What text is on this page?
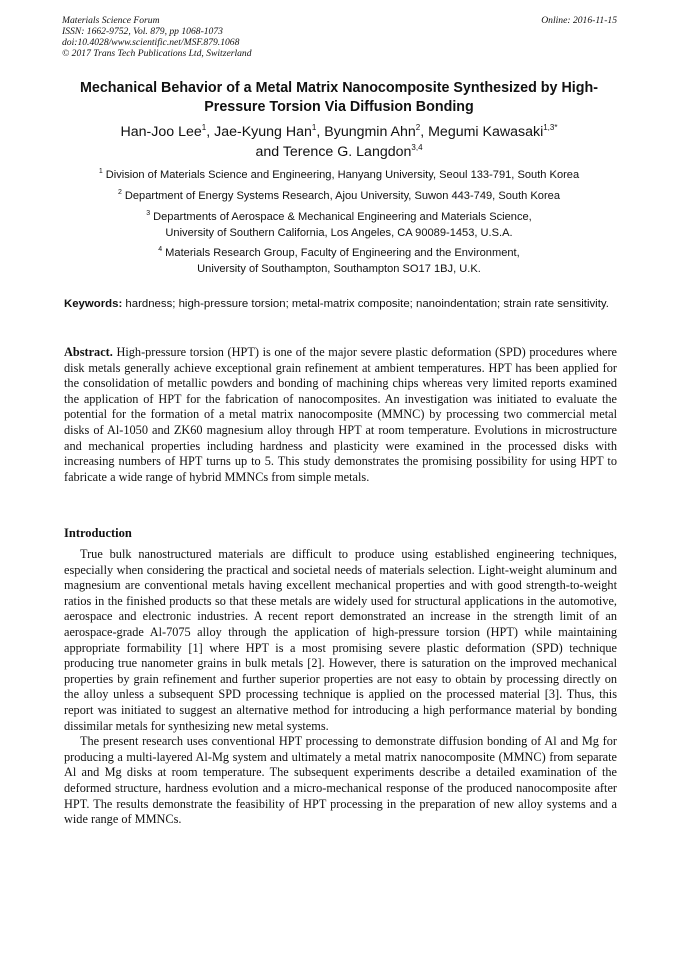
Materials Science Forum
ISSN: 1662-9752, Vol. 879, pp 1068-1073
doi:10.4028/www.scientific.net/MSF.879.1068
© 2017 Trans Tech Publications Ltd, Switzerland
Online: 2016-11-15
Mechanical Behavior of a Metal Matrix Nanocomposite Synthesized by High-Pressure Torsion Via Diffusion Bonding
Han-Joo Lee$^1$, Jae-Kyung Han$^1$, Byungmin Ahn$^2$, Megumi Kawasaki$^{1,3*}$
and Terence G. Langdon$^{3,4}$
$^1$ Division of Materials Science and Engineering, Hanyang University, Seoul 133-791, South Korea
$^2$ Department of Energy Systems Research, Ajou University, Suwon 443-749, South Korea
$^3$ Departments of Aerospace & Mechanical Engineering and Materials Science,
University of Southern California, Los Angeles, CA 90089-1453, U.S.A.
$^4$ Materials Research Group, Faculty of Engineering and the Environment,
University of Southampton, Southampton SO17 1BJ, U.K.
Keywords: hardness; high-pressure torsion; metal-matrix composite; nanoindentation; strain rate sensitivity.
Abstract. High-pressure torsion (HPT) is one of the major severe plastic deformation (SPD) procedures where disk metals generally achieve exceptional grain refinement at ambient temperatures. HPT has been applied for the consolidation of metallic powders and bonding of machining chips whereas very limited reports examined the application of HPT for the fabrication of nanocomposites. An investigation was initiated to evaluate the potential for the formation of a metal matrix nanocomposite (MMNC) by processing two commercial metal disks of Al-1050 and ZK60 magnesium alloy through HPT at room temperature. Evolutions in microstructure and mechanical properties including hardness and plasticity were examined in the processed disks with increasing numbers of HPT turns up to 5. This study demonstrates the promising possibility for using HPT to fabricate a wide range of hybrid MMNCs from simple metals.
Introduction

True bulk nanostructured materials are difficult to produce using established engineering techniques, especially when considering the practical and societal needs of materials selection. Light-weight aluminum and magnesium are conventional metals having excellent mechanical properties and with good strength-to-weight ratios in the finished products so that these metals are widely used for structural applications in the automotive, aerospace and electronic industries. A recent report demonstrated an increase in the strength limit of an aerospace-grade Al-7075 alloy through the application of high-pressure torsion (HPT) while maintaining appropriate formability [1] where HPT is a most promising severe plastic deformation (SPD) technique producing true nanometer grains in bulk metals [2]. However, there is saturation on the improved mechanical properties by grain refinement and further superior properties are not easy to obtain by processing directly on the alloy unless a subsequent SPD processing technique is applied on the processed material [3]. Thus, this report was initiated to suggest an alternative method for introducing a high performance material by bonding dissimilar metals for synthesizing new metal systems.

The present research uses conventional HPT processing to demonstrate diffusion bonding of Al and Mg for producing a multi-layered Al-Mg system and ultimately a metal matrix nanocomposite (MMNC) from separate Al and Mg disks at room temperature. The subsequent experiments describe a detailed examination of the deformed structure, hardness evolution and a micro-mechanical response of the produced nanocomposite after HPT. The results demonstrate the feasibility of HPT processing in the preparation of new alloy systems and a wide range of MMNCs.
